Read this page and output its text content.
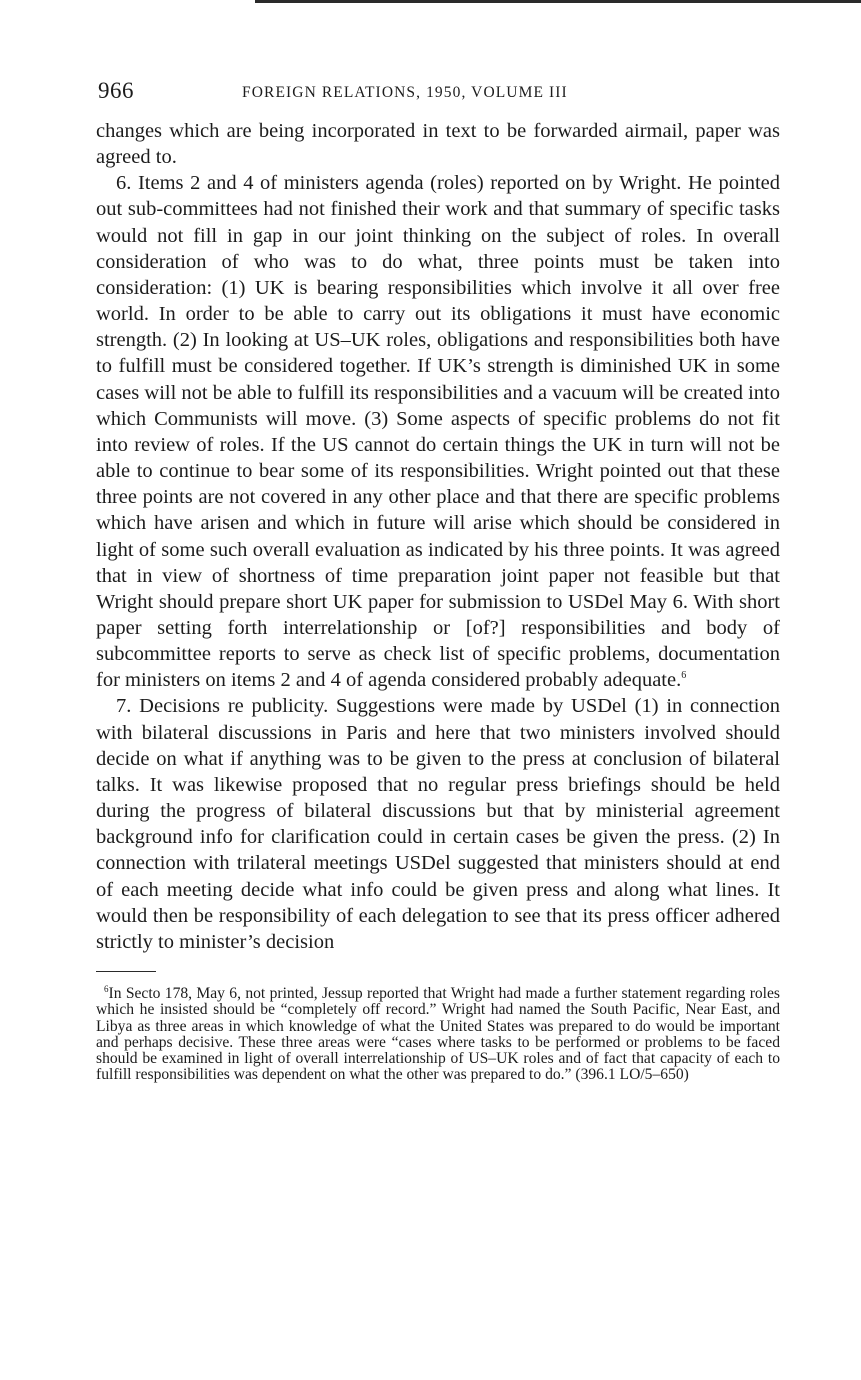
966	FOREIGN RELATIONS, 1950, VOLUME III

changes which are being incorporated in text to be forwarded airmail, paper was agreed to.

6. Items 2 and 4 of ministers agenda (roles) reported on by Wright. He pointed out sub-committees had not finished their work and that summary of specific tasks would not fill in gap in our joint thinking on the subject of roles. In overall consideration of who was to do what, three points must be taken into consideration: (1) UK is bearing responsibilities which involve it all over free world. In order to be able to carry out its obligations it must have economic strength. (2) In looking at US–UK roles, obligations and responsibilities both have to fulfill must be considered together. If UK’s strength is diminished UK in some cases will not be able to fulfill its responsibilities and a vacuum will be created into which Communists will move. (3) Some aspects of specific problems do not fit into review of roles. If the US cannot do certain things the UK in turn will not be able to continue to bear some of its responsibilities. Wright pointed out that these three points are not covered in any other place and that there are specific problems which have arisen and which in future will arise which should be considered in light of some such overall evaluation as indicated by his three points. It was agreed that in view of shortness of time preparation joint paper not feasible but that Wright should prepare short UK paper for submission to USDel May 6. With short paper setting forth interrelationship or [of?] responsibilities and body of subcommittee reports to serve as check list of specific problems, documentation for ministers on items 2 and 4 of agenda considered probably adequate.$^6$

7. Decisions re publicity. Suggestions were made by USDel (1) in connection with bilateral discussions in Paris and here that two ministers involved should decide on what if anything was to be given to the press at conclusion of bilateral talks. It was likewise proposed that no regular press briefings should be held during the progress of bilateral discussions but that by ministerial agreement background info for clarification could in certain cases be given the press. (2) In connection with trilateral meetings USDel suggested that ministers should at end of each meeting decide what info could be given press and along what lines. It would then be responsibility of each delegation to see that its press officer adhered strictly to minister’s decision

$^6$In Secto 178, May 6, not printed, Jessup reported that Wright had made a further statement regarding roles which he insisted should be “completely off record.” Wright had named the South Pacific, Near East, and Libya as three areas in which knowledge of what the United States was prepared to do would be important and perhaps decisive. These three areas were “cases where tasks to be performed or problems to be faced should be examined in light of overall interrelationship of US–UK roles and of fact that capacity of each to fulfill responsibilities was dependent on what the other was prepared to do.” (396.1 LO/5–650)
